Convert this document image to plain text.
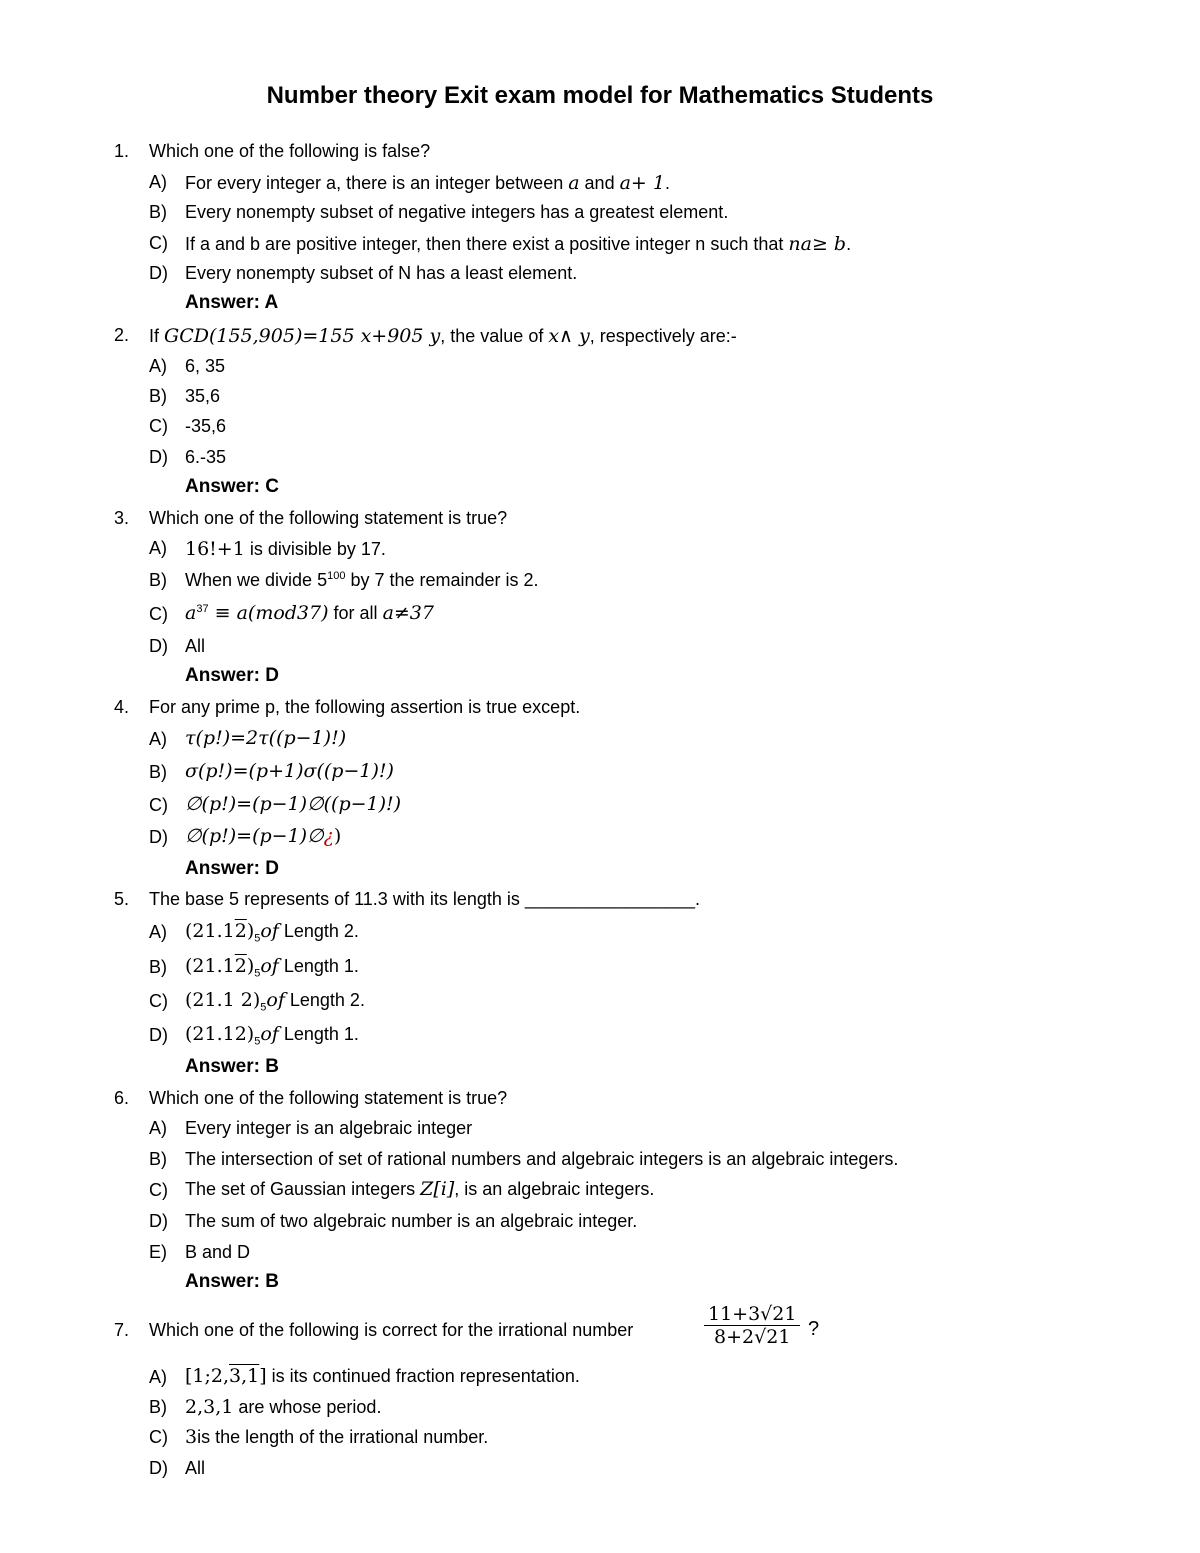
Number theory Exit exam model for Mathematics Students
1. Which one of the following is false?
A) For every integer a, there is an integer between a and a+ 1.
B) Every nonempty subset of negative integers has a greatest element.
C) If a and b are positive integer, then there exist a positive integer n such that na≥ b.
D) Every nonempty subset of N has a least element.
Answer: A
2. If GCD(155,905)=155 x+905 y, the value of x∧ y, respectively are:-
A) 6, 35
B) 35,6
C) -35,6
D) 6.-35
Answer: C
3. Which one of the following statement is true?
A) 16!+1 is divisible by 17.
B) When we divide $5^{100}$ by 7 the remainder is 2.
C) $a^{37} \equiv a(mod37)$ for all a≠37
D) All
Answer: D
4. For any prime p, the following assertion is true except.
A) τ(p!)=2τ((p−1)!)
B) σ(p!)=(p+1)σ((p−1)!)
C) ∅(p!)=(p−1)∅((p−1)!)
D) ∅(p!)=(p−1)∅¿)
Answer: D
5. The base 5 represents of 11.3 with its length is _________________.
A) $(21.12)_5of$ Length 2.
B) $(21.12)_5of$ Length 1.
C) (21.1 $2)_5of$ Length 2.
D) $(21.12)_5of$ Length 1.
Answer: B
6. Which one of the following statement is true?
A) Every integer is an algebraic integer
B) The intersection of set of rational numbers and algebraic integers is an algebraic integers.
C) The set of Gaussian integers Z[i], is an algebraic integers.
D) The sum of two algebraic number is an algebraic integer.
E) B and D
Answer: B
7. Which one of the following is correct for the irrational number	$\frac{11+3√21}{8+2√21}$ ?
A) [1;2,3,1] is its continued fraction representation.
B) 2,3,1 are whose period.
C) 3is the length of the irrational number.
D) All
